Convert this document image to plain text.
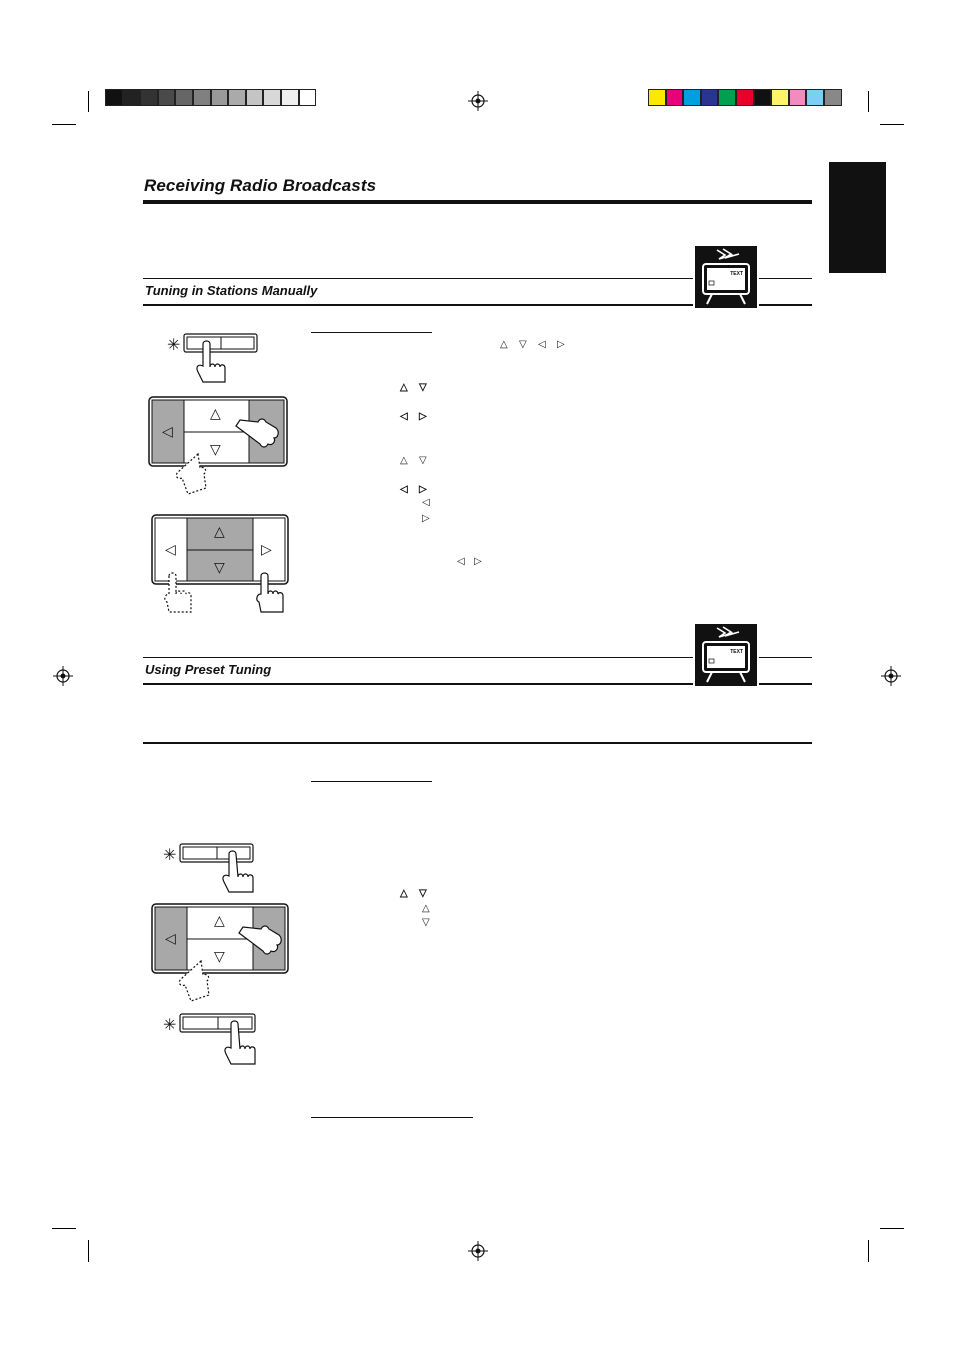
Receiving Radio Broadcasts
Tuning in Stations Manually
TEXT
△ ▽ ◁ ▷
△ ▽
◁ ▷
△ ▽
◁ ▷
◁
▷
◁ ▷
✳
◁
△
▽
◁	▷
△
▽
Using Preset Tuning
TEXT
△ ▽
△
▽
✳
◁
△
▽
✳
